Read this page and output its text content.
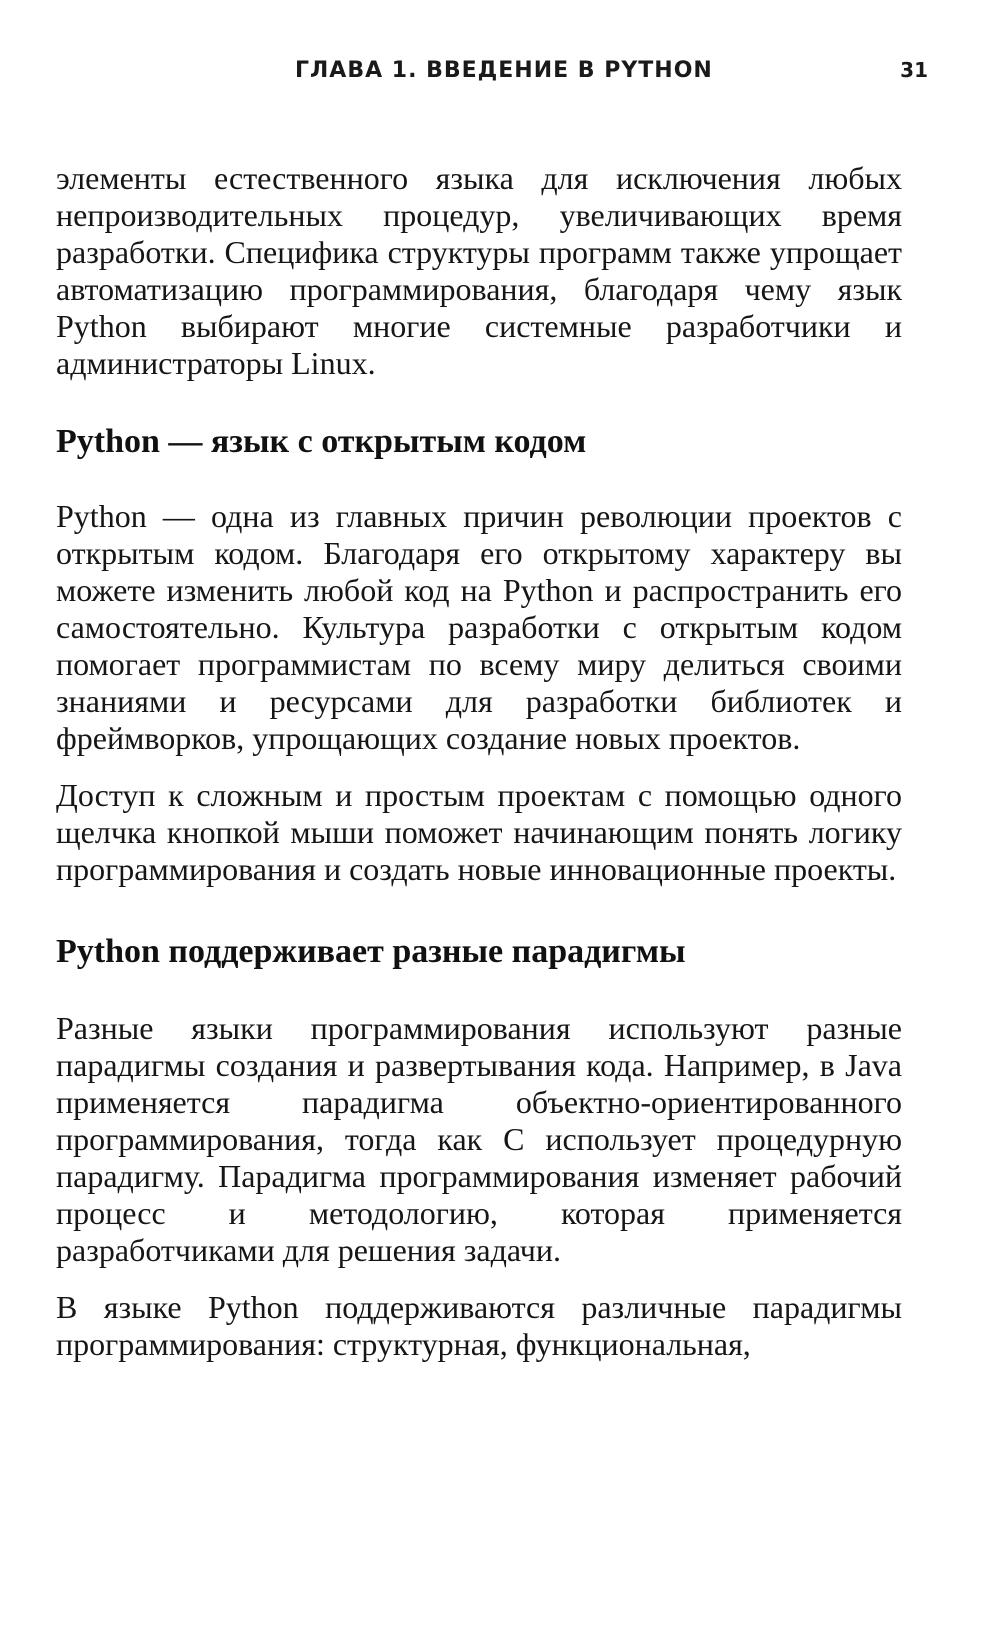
ГЛАВА 1. ВВЕДЕНИЕ В PYTHON	31

элементы естественного языка для исключения любых непроизводительных процедур, увеличивающих время разработки. Специфика структуры программ также упрощает автоматизацию программирования, благодаря чему язык Python выбирают многие системные разработчики и администраторы Linux.

Python — язык с открытым кодом

Python — одна из главных причин революции проектов с открытым кодом. Благодаря его открытому характеру вы можете изменить любой код на Python и распространить его самостоятельно. Культура разработки с открытым кодом помогает программистам по всему миру делиться своими знаниями и ресурсами для разработки библиотек и фреймворков, упрощающих создание новых проектов.

Доступ к сложным и простым проектам с помощью одного щелчка кнопкой мыши поможет начинающим понять логику программирования и создать новые инновационные проекты.

Python поддерживает разные парадигмы

Разные языки программирования используют разные парадигмы создания и развертывания кода. Например, в Java применяется парадигма объектно-ориентированного программирования, тогда как C использует процедурную парадигму. Парадигма программирования изменяет рабочий процесс и методологию, которая применяется разработчиками для решения задачи.

В языке Python поддерживаются различные парадигмы программирования: структурная, функциональная,
